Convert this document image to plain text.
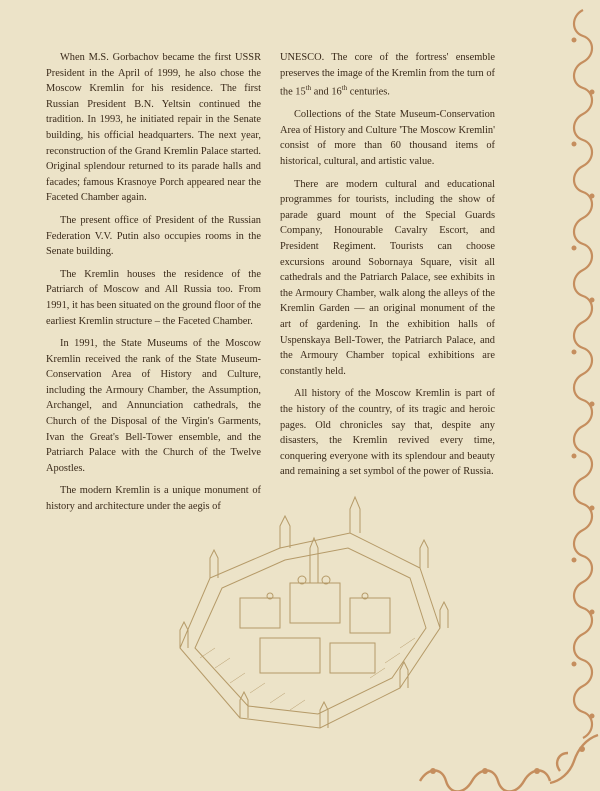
When M.S. Gorbachov became the first USSR President in the April of 1999, he also chose the Moscow Kremlin for his residence. The first Russian President B.N. Yeltsin continued the tradition. In 1993, he initiated repair in the Senate building, his official headquarters. The next year, reconstruction of the Grand Kremlin Palace started. Original splendour returned to its parade halls and facades; famous Krasnoye Porch appeared near the Faceted Chamber again.

The present office of President of the Russian Federation V.V. Putin also occupies rooms in the Senate building.

The Kremlin houses the residence of the Patriarch of Moscow and All Russia too. From 1991, it has been situated on the ground floor of the earliest Kremlin structure – the Faceted Chamber.

In 1991, the State Museums of the Moscow Kremlin received the rank of the State Museum-Conservation Area of History and Culture, including the Armoury Chamber, the Assumption, Archangel, and Annunciation cathedrals, the Church of the Disposal of the Virgin's Garments, Ivan the Great's Bell-Tower ensemble, and the Patriarch Palace with the Church of the Twelve Apostles.

The modern Kremlin is a unique monument of history and architecture under the aegis of

UNESCO. The core of the fortress' ensemble preserves the image of the Kremlin from the turn of the 15th and 16th centuries.

Collections of the State Museum-Conservation Area of History and Culture 'The Moscow Kremlin' consist of more than 60 thousand items of historical, cultural, and artistic value.

There are modern cultural and educational programmes for tourists, including the show of parade guard mount of the Special Guards Company, Honourable Cavalry Escort, and President Regiment. Tourists can choose excursions around Sobornaya Square, visit all cathedrals and the Patriarch Palace, see exhibits in the Armoury Chamber, walk along the alleys of the Kremlin Garden — an original monument of the art of gardening. In the exhibition halls of Uspenskaya Bell-Tower, the Patriarch Palace, and the Armoury Chamber topical exhibitions are constantly held.

All history of the Moscow Kremlin is part of the history of the country, of its tragic and heroic pages. Old chronicles say that, despite any disasters, the Kremlin revived every time, conquering everyone with its splendour and beauty and remaining a set symbol of the power of Russia.
